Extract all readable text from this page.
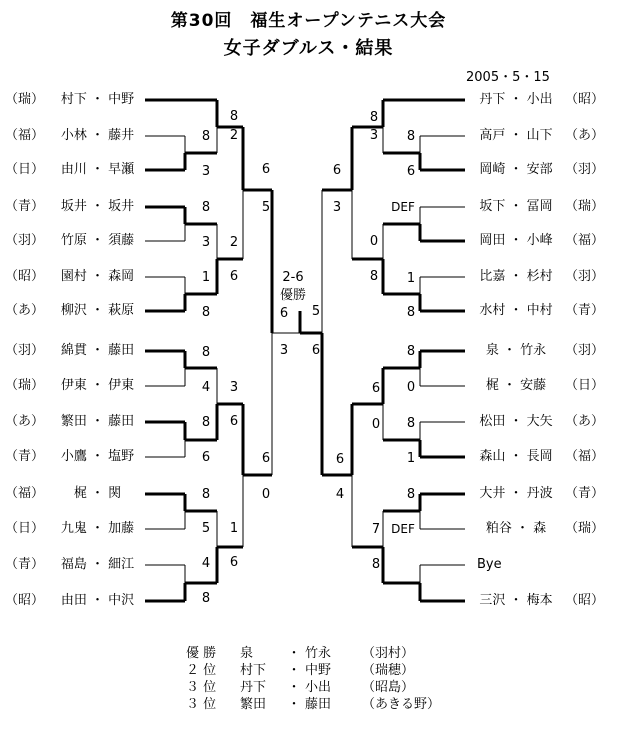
第30回　福生オープンテニス大会
女子ダブルス・結果
2005・5・15
（瑞）	村下 ・ 中野
（福）	小林 ・ 藤井
（日）	由川 ・ 早瀬
（青）	坂井 ・ 坂井
（羽）	竹原 ・ 須藤
（昭）	園村 ・ 森岡
（あ）	柳沢 ・ 萩原
（羽）	綿貫 ・ 藤田
（瑞）	伊東 ・ 伊東
（あ）	繁田 ・ 藤田
（青）	小鷹 ・ 塩野
（福）	梶 ・ 関
（日）	九鬼 ・ 加藤
（青）	福島 ・ 細江
（昭）	由田 ・ 中沢
丹下 ・ 小出 （昭）
高戸 ・ 山下 （あ）
岡崎 ・ 安部 （羽）
坂下 ・ 冨岡 （瑞）
岡田 ・ 小峰 （福）
比嘉 ・ 杉村 （羽）
水村 ・ 中村 （青）
泉 ・ 竹永	（羽）
梶 ・ 安藤	（日）
松田 ・ 大矢 （あ）
森山 ・ 長岡 （福）
大井 ・ 丹波 （青）
粕谷 ・ 森	（瑞）
Bye
三沢 ・ 梅本 （昭）
8
3
8
3
1
8
8
4
8
6
8
5
4
8
8
2
2
6
3
6
1
6
6
5
6
0
6
3
5
6
6
3
6
4
8
3
0
8
6
0
7
8
8
6
DEF
1
8
8
0
8
1
8
DEF
2-6
優勝
優 勝	泉	・ 竹永	（羽村）
２ 位	村下	・ 中野	（瑞穂）
３ 位	丹下	・ 小出	（昭島）
３ 位	繁田	・ 藤田	（あきる野）
